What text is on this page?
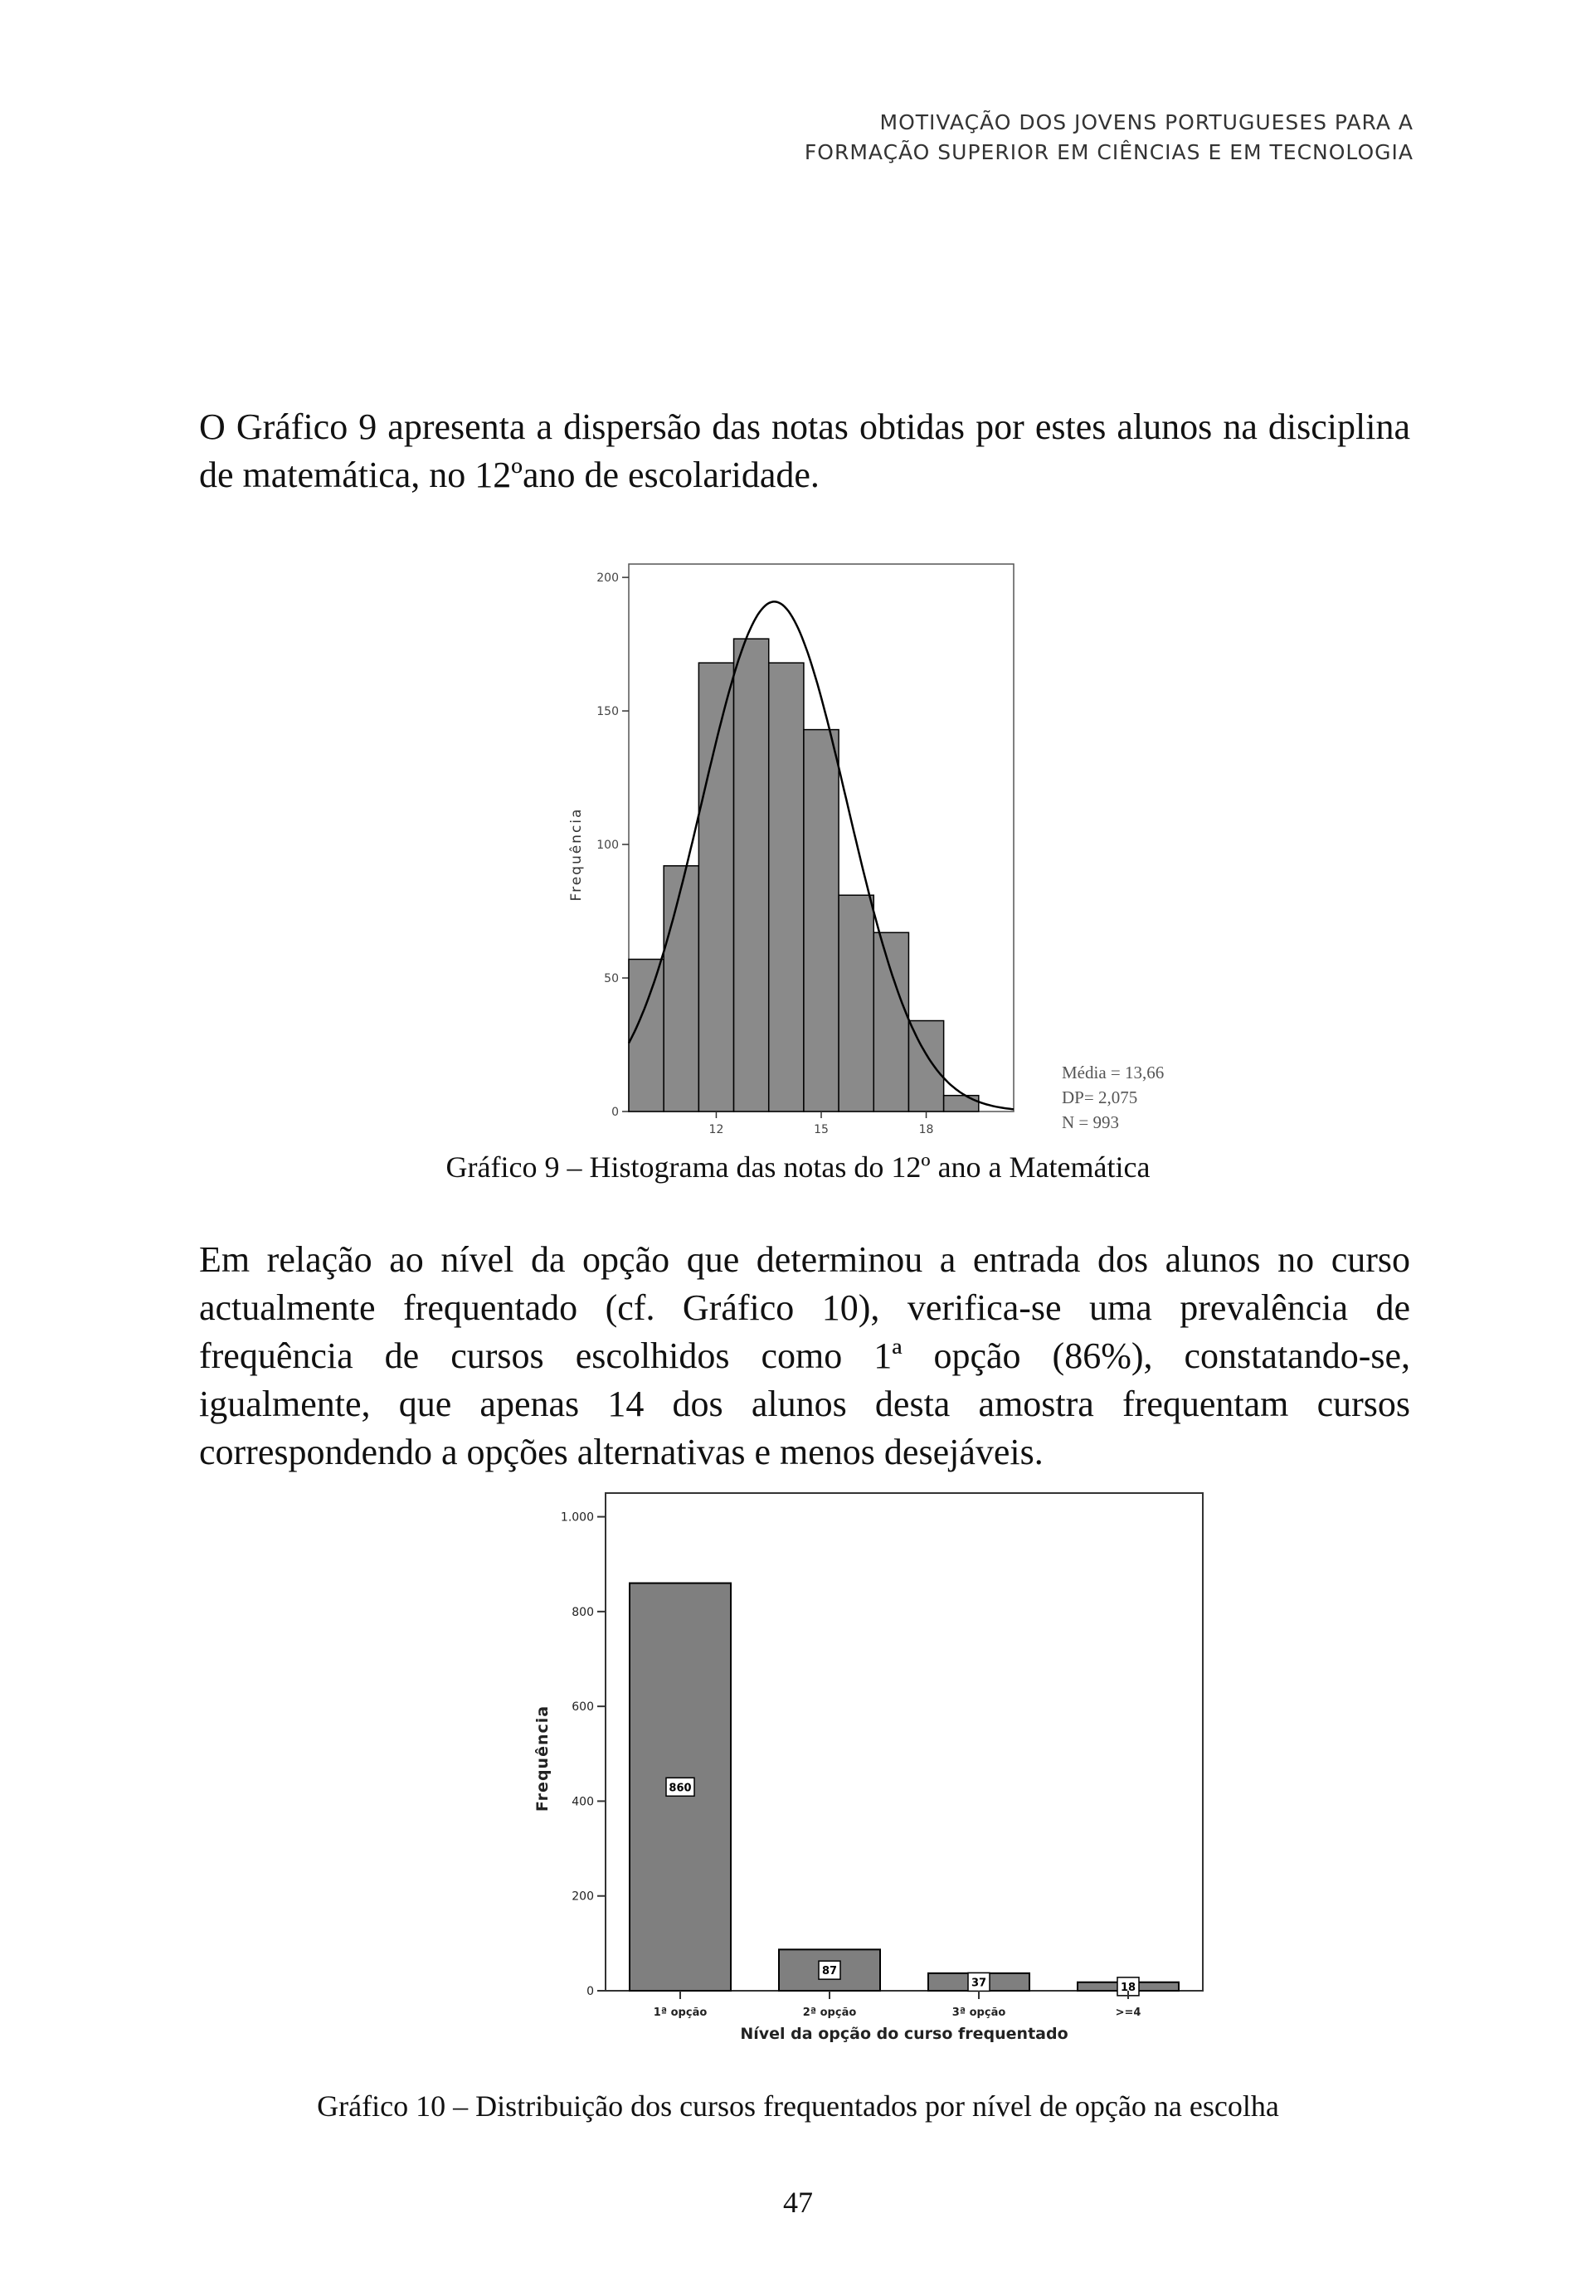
MOTIVAÇÃO DOS JOVENS PORTUGUESES PARA A
FORMAÇÃO SUPERIOR EM CIÊNCIAS E EM TECNOLOGIA
O Gráfico 9 apresenta a dispersão das notas obtidas por estes alunos na disciplina de matemática, no 12ºano de escolaridade.
0
50
100
150
200
Frequência
12	15	18
Média = 13,66
DP= 2,075
N = 993
Gráfico 9 – Histograma das notas do 12º ano a Matemática
Em relação ao nível da opção que determinou a entrada dos alunos no curso actualmente frequentado (cf. Gráfico 10), verifica-se uma prevalência de frequência de cursos escolhidos como 1ª opção (86%), constatando-se, igualmente, que apenas 14 dos alunos desta amostra frequentam cursos correspondendo a opções alternativas e menos desejáveis.
0
200
400
600
800
1.000
Frequência	860
1ª opção
87
2ª opção
37
3ª opção
18
>=4
Nível da opção do curso frequentado
Gráfico 10 – Distribuição dos cursos frequentados por nível de opção na escolha
47
